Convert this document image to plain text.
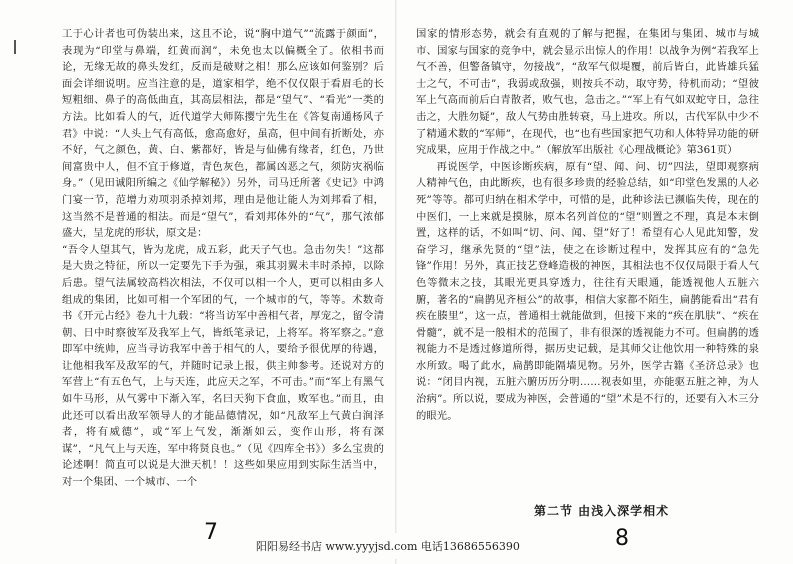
工于心计者也可伪装出来，这且不论，说“胸中道气”“流露于颜面”，表现为“印堂与鼻端，红黄而润”，未免也太以偏概全了。依相书而论，无缘无故的鼻头发红，反而是破财之相！那么应该如何鉴别？后面会详细说明。应当注意的是，道家相学，绝不仅仅限于看眉毛的长短粗细、鼻子的高低曲直，其高层相法，都是“望气”、“看光”一类的方法。比如看人的气，近代道学大师陈撄宁先生在《答复南通杨风子君》中说：“人头上气有高低，愈高愈好，虽高，但中间有折断处，亦不好，气之颜色，黄、白、紫都好，皆是与仙佛有缘者，红色，乃世间富贵中人，但不宜于修道，青色灰色，都属凶恶之气，须防灾祸临身。”（见田诚阳所编之《仙学解秘》）另外，司马迁所著《史记》中鸿门宴一节，范增力劝项羽杀掉刘邦，理由是他让能人为刘邦看了相，这当然不是普通的相法。而是“望气”，看刘邦体外的“气”，那气浓郁盛大，呈龙虎的形状，原文是：

“吾令人望其气，皆为龙虎，成五彩，此天子气也。急击勿失！”这都是大贵之特征，所以一定要先下手为强，乘其羽翼未丰时杀掉，以除后患。望气法属较高档次相法，不仅可以相一个人，更可以相由多人组成的集团，比如可相一个军团的气，一个城市的气，等等。术数奇书《开元占经》卷九十九载：“将当访军中善相气者，厚宠之，留令清朝、日中时察彼军及我军上气，皆纸笔录记，上将军。将军察之。”意即军中统帅，应当寻访我军中善于相气的人，要给予很优厚的待遇，让他相我军及敌军的气，并随时记录上报，供主帅参考。还说对方的军营上“有五色气，上与天连，此应天之军，不可击。”而“军上有黑气如牛马形，从气雾中下渐入军，名曰天狗下食血，败军也。”而且，由此还可以看出敌军领导人的才能品德情况，如“凡敌军上气黄白润泽者，将有威德”，或“军上气发，渐渐如云，变作山形，将有深谋”，“凡气上与天连，军中将贤良也。”（见《四库全书》）多么宝贵的论述啊！简直可以说是大泄天机！！这些如果应用到实际生活当中，对一个集团、一个城市、一个

国家的情形态势，就会有直观的了解与把握，在集团与集团、城市与城市、国家与国家的竞争中，就会显示出惊人的作用！以战争为例“若我军上气不善，但警备镇守，勿接战”，“敌军气似堤覆，前后皆白，此皆雄兵猛士之气，不可击”，我弱或敌强，则按兵不动，取守势，待机而动；“望彼军上气高而前后白青散者，败气也，急击之。”“军上有气如双蛇守日，急往击之，大胜勿疑”，敌人气势由胜转衰，马上进攻。所以，古代军队中少不了精通术数的“军师”，在现代，也“也有些国家把气功和人体特异功能的研究成果，应用于作战之中。”（解放军出版社《心理战概论》第361页）

再说医学，中医诊断疾病，原有“望、闻、问、切”四法，望即观察病人精神气色，由此断疾，也有很多珍贵的经验总结，如“印堂色发黑的人必死”等等。都可归纳在相术学中，可惜的是，此种诊法已濒临失传，现在的中医们，一上来就是摸脉，原本名列首位的“望”则置之不理，真是本末倒置，这样的话，不如叫“切、问、闻、望”好了！希望有心人见此知警，发奋学习，继承先贤的“望”法，使之在诊断过程中，发挥其应有的“急先锋”作用！另外，真正技艺登峰造极的神医，其相法也不仅仅局限于看人气色等微末之技，其眼光更具穿透力，往往有天眼通，能透视他人五脏六腑，著名的“扁鹊见齐桓公”的故事，相信大家都不陌生，扁鹊能看出“君有疾在腠里”，这一点，普通相士就能做到，但接下来的“疾在肌肤”、“疾在骨髓”，就不是一般相术的范围了，非有很深的透视能力不可。但扁鹊的透视能力不是透过修道所得，据历史记载，是其师父让他饮用一种特殊的泉水所致。喝了此水，扁鹊即能隔墙见物。另外，医学古籍《圣济总录》也说：“闭目内视，五脏六腑历历分明……视表如里，亦能驱五脏之神，为人治病”。所以说，要成为神医，会普通的“望”术是不行的，还要有入木三分的眼光。

第二节 由浅入深学相术
7
阳阳易经书店 www.yyyjsd.com 电话13686556390	8
